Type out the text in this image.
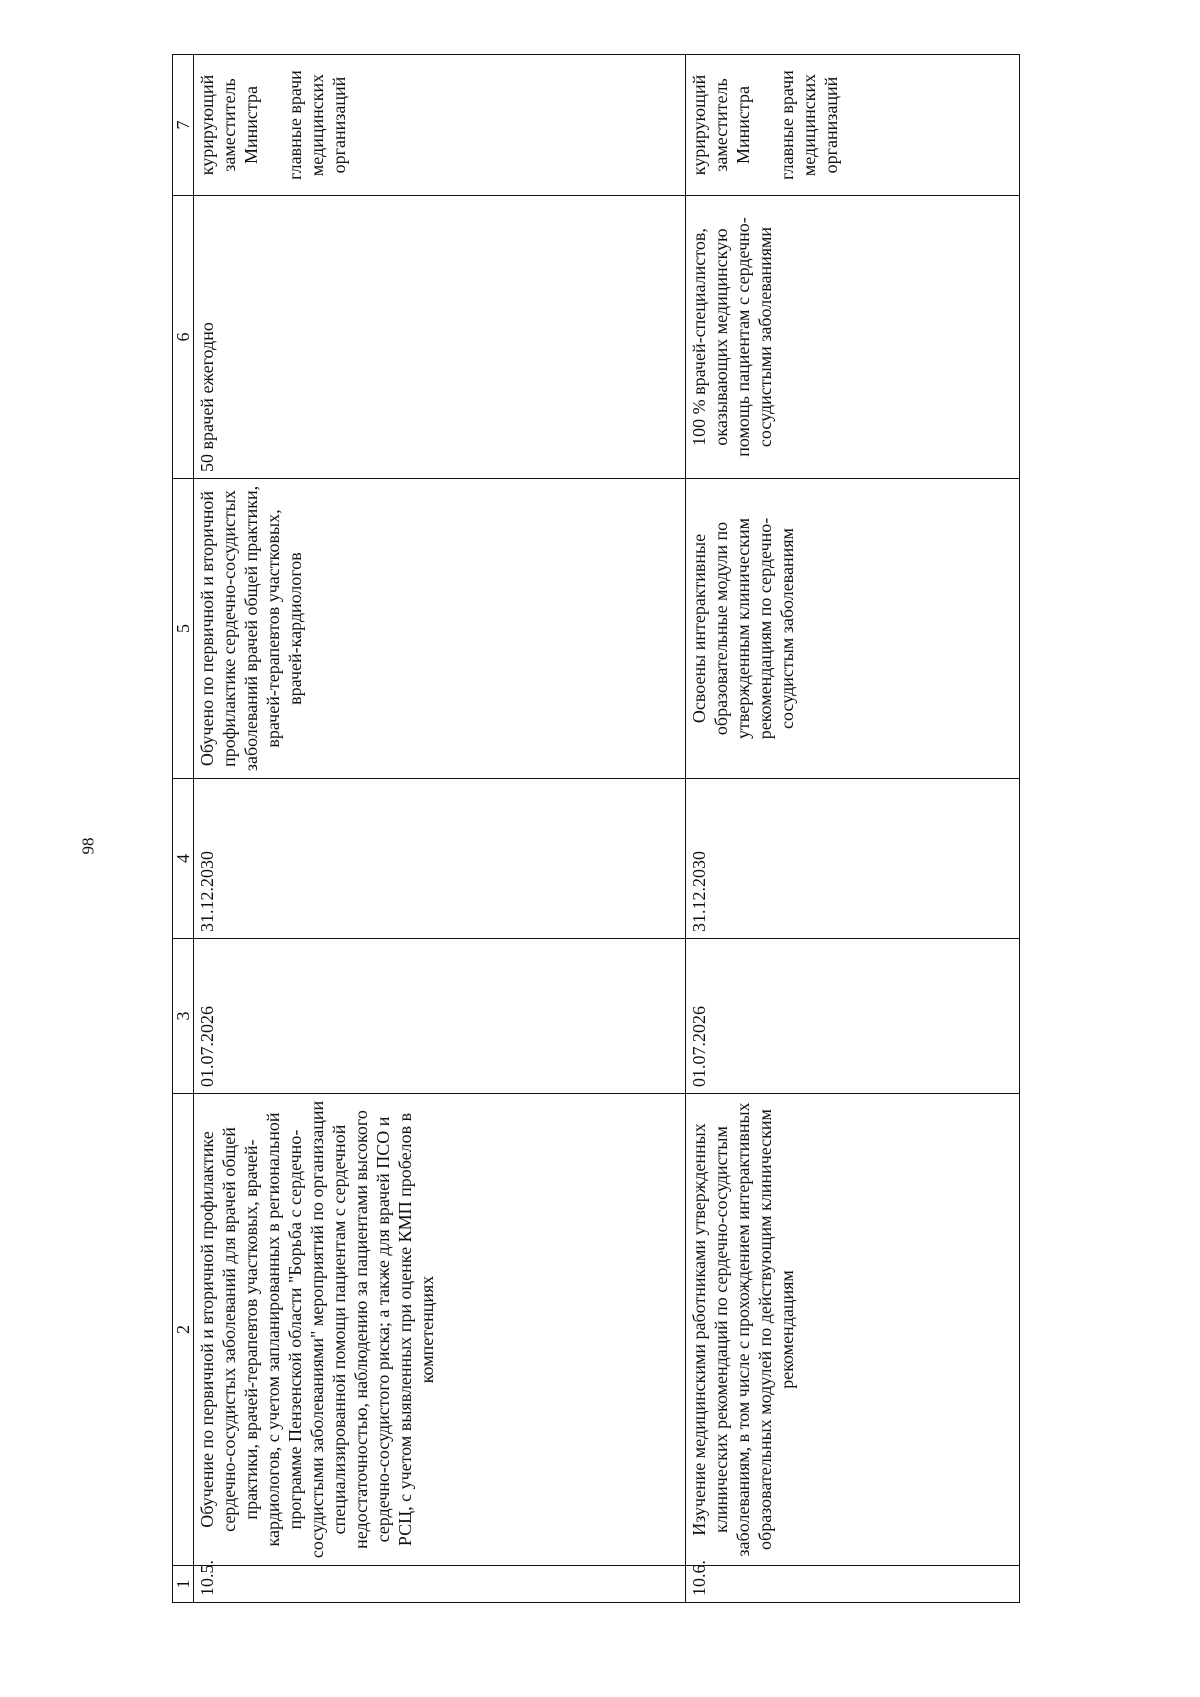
98
1	2	3	4	5	6	7
10.5.	Обучение по первичной и вторичной профилактике сердечно-сосудистых заболеваний для врачей общей практики, врачей-терапевтов участковых, врачей-кардиологов, с учетом запланированных в региональной программе Пензенской области "Борьба с сердечно-сосудистыми заболеваниями" мероприятий по организации специализированной помощи пациентам с сердечной недостаточностью, наблюдению за пациентами высокого сердечно-сосудистого риска; а также для врачей ПСО и РСЦ, с учетом выявленных при оценке КМП пробелов в компетенциях	01.07.2026	31.12.2030	Обучено по первичной и вторичной профилактике сердечно-сосудистых заболеваний врачей общей практики, врачей-терапевтов участковых, врачей-кардиологов	50 врачей ежегодно	курирующий заместитель Министра главные врачи медицинских организаций

10.6.	Изучение медицинскими работниками утвержденных клинических рекомендаций по сердечно-сосудистым заболеваниям, в том числе с прохождением интерактивных образовательных модулей по действующим клиническим рекомендациям	01.07.2026	31.12.2030	Освоены интерактивные образовательные модули по утвержденным клиническим рекомендациям по сердечно-сосудистым заболеваниям	100 % врачей-специалистов, оказывающих медицинскую помощь пациентам с сердечно-сосудистыми заболеваниями	курирующий заместитель Министра главные врачи медицинских организаций
